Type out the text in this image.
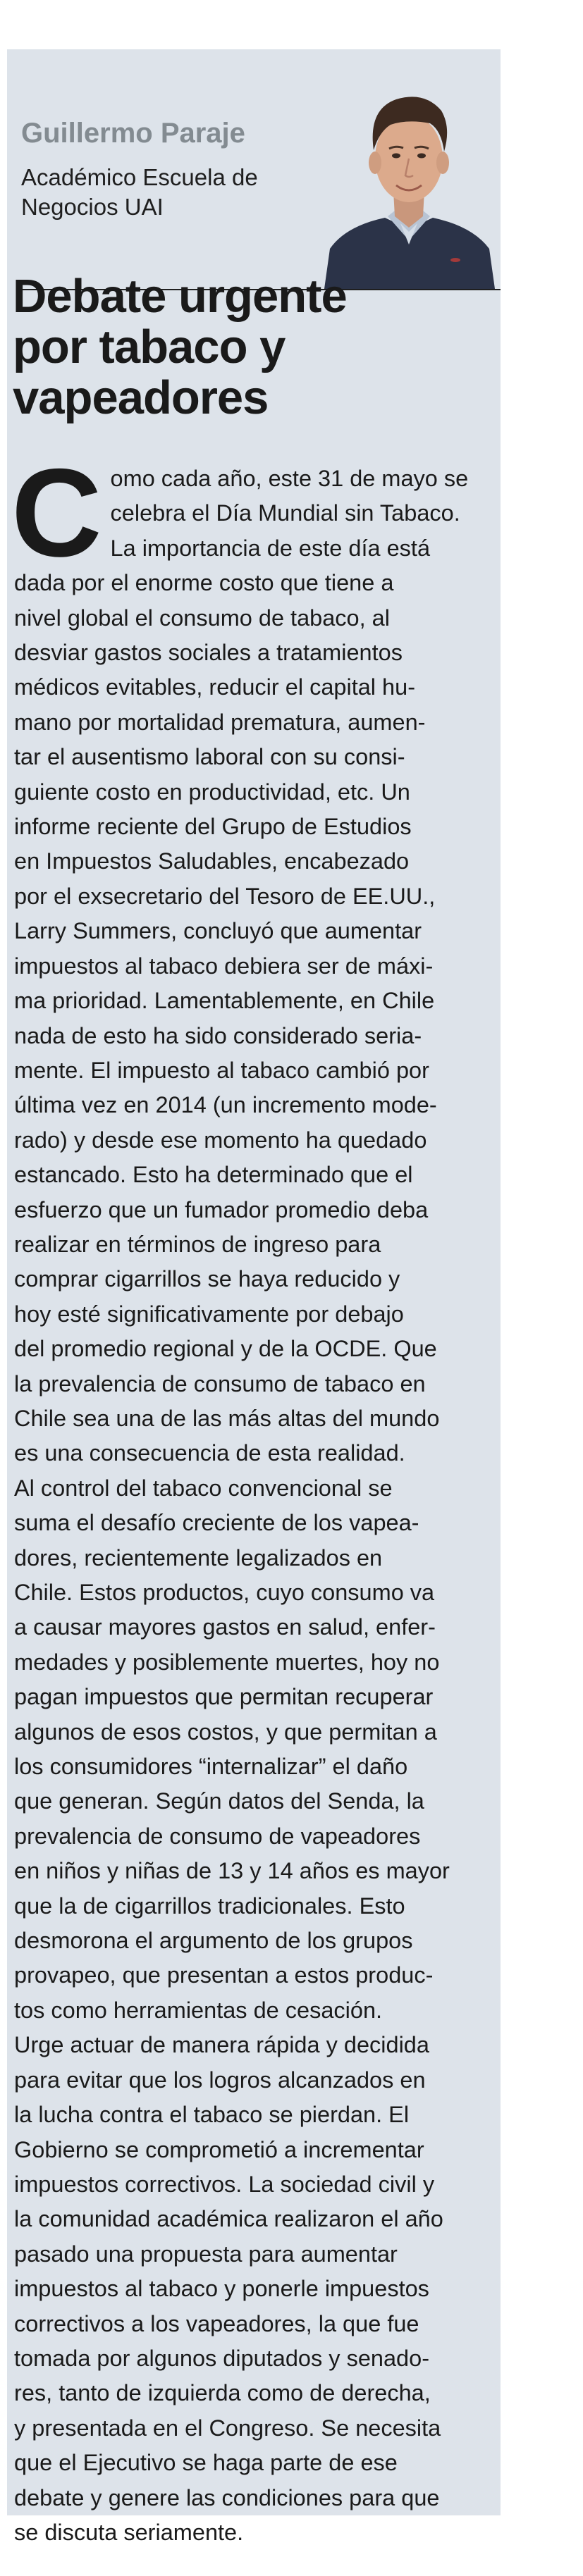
Guillermo Paraje

Académico Escuela de
Negocios UAI

Debate urgente
por tabaco y
vapeadores
C omo cada año, este 31 de mayo se
celebra el Día Mundial sin Tabaco.
La importancia de este día está
dada por el enorme costo que tiene a
nivel global el consumo de tabaco, al
desviar gastos sociales a tratamientos
médicos evitables, reducir el capital hu-
mano por mortalidad prematura, aumen-
tar el ausentismo laboral con su consi-
guiente costo en productividad, etc. Un
informe reciente del Grupo de Estudios
en Impuestos Saludables, encabezado
por el exsecretario del Tesoro de EE.UU.,
Larry Summers, concluyó que aumentar
impuestos al tabaco debiera ser de máxi-
ma prioridad. Lamentablemente, en Chile
nada de esto ha sido considerado seria-
mente. El impuesto al tabaco cambió por
última vez en 2014 (un incremento mode-
rado) y desde ese momento ha quedado
estancado. Esto ha determinado que el
esfuerzo que un fumador promedio deba
realizar en términos de ingreso para
comprar cigarrillos se haya reducido y
hoy esté significativamente por debajo
del promedio regional y de la OCDE. Que
la prevalencia de consumo de tabaco en
Chile sea una de las más altas del mundo
es una consecuencia de esta realidad.
Al control del tabaco convencional se
suma el desafío creciente de los vapea-
dores, recientemente legalizados en
Chile. Estos productos, cuyo consumo va
a causar mayores gastos en salud, enfer-
medades y posiblemente muertes, hoy no
pagan impuestos que permitan recuperar
algunos de esos costos, y que permitan a
los consumidores “internalizar” el daño
que generan. Según datos del Senda, la
prevalencia de consumo de vapeadores
en niños y niñas de 13 y 14 años es mayor
que la de cigarrillos tradicionales. Esto
desmorona el argumento de los grupos
provapeo, que presentan a estos produc-
tos como herramientas de cesación.
Urge actuar de manera rápida y decidida
para evitar que los logros alcanzados en
la lucha contra el tabaco se pierdan. El
Gobierno se comprometió a incrementar
impuestos correctivos. La sociedad civil y
la comunidad académica realizaron el año
pasado una propuesta para aumentar
impuestos al tabaco y ponerle impuestos
correctivos a los vapeadores, la que fue
tomada por algunos diputados y senado-
res, tanto de izquierda como de derecha,
y presentada en el Congreso. Se necesita
que el Ejecutivo se haga parte de ese
debate y genere las condiciones para que
se discuta seriamente.
